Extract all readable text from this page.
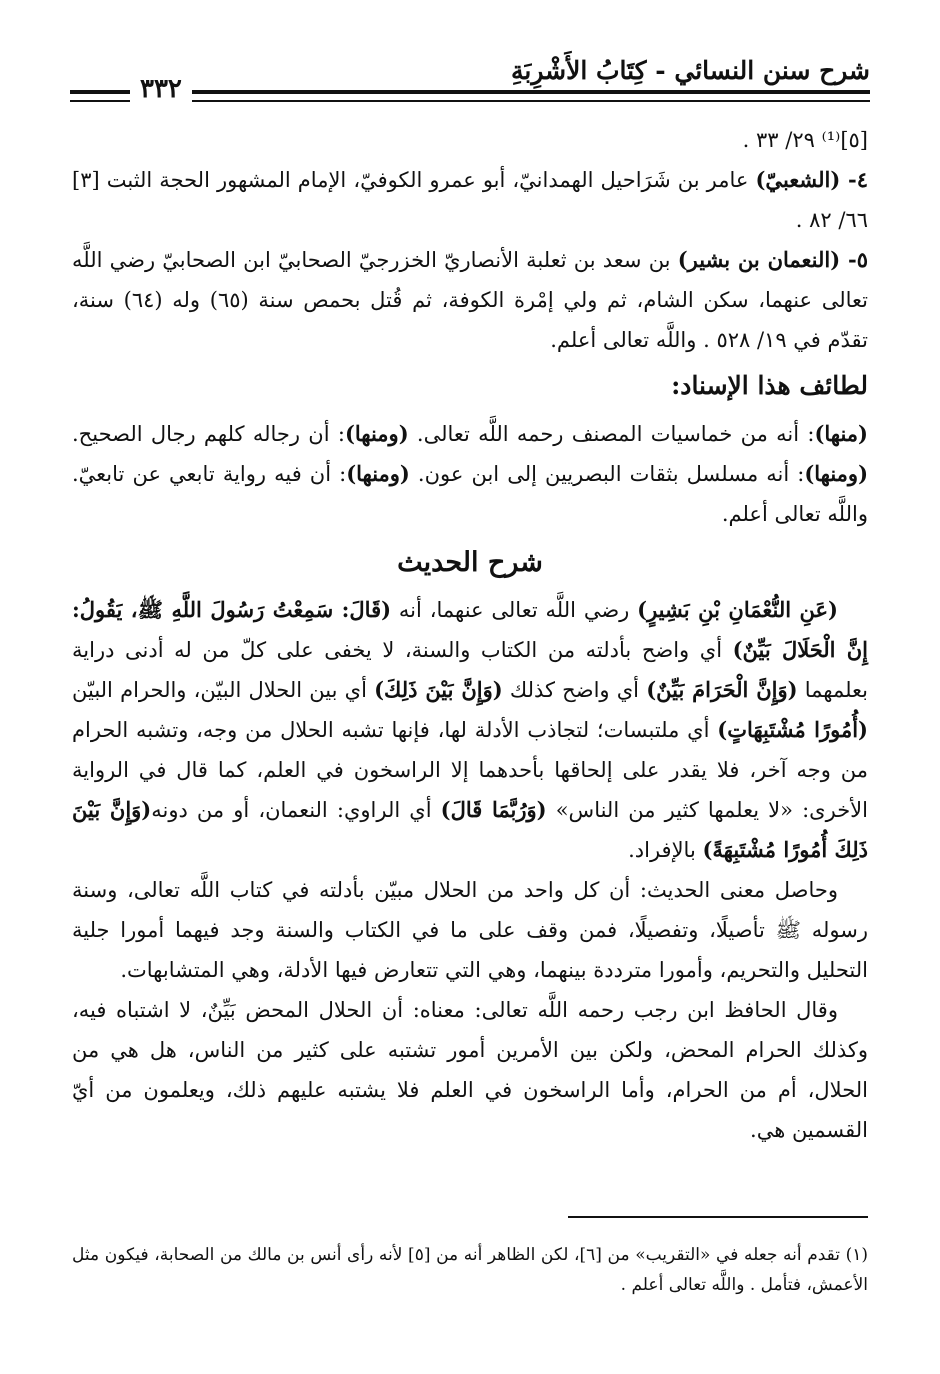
شرح سنن النسائي - كِتَابُ الأَشْرِبَةِ
٣٣٢

[٥]⁽¹⁾ ٢٩/ ٣٣ .

٤- (الشعبيّ) عامر بن شَرَاحيل الهمدانيّ، أبو عمرو الكوفيّ، الإمام المشهور الحجة الثبت [٣] ٦٦/ ٨٢ .

٥- (النعمان بن بشير) بن سعد بن ثعلبة الأنصاريّ الخزرجيّ الصحابيّ ابن الصحابيّ رضي اللَّه تعالى عنهما، سكن الشام، ثم ولي إمْرة الكوفة، ثم قُتل بحمص سنة (٦٥) وله (٦٤) سنة، تقدّم في ١٩/ ٥٢٨ . واللَّه تعالى أعلم.

لطائف هذا الإسناد:

(منها): أنه من خماسيات المصنف رحمه اللَّه تعالى. (ومنها): أن رجاله كلهم رجال الصحيح. (ومنها): أنه مسلسل بثقات البصريين إلى ابن عون. (ومنها): أن فيه رواية تابعي عن تابعيّ. واللَّه تعالى أعلم.

شرح الحديث

(عَنِ النُّعْمَانِ بْنِ بَشِيرٍ) رضي اللَّه تعالى عنهما، أنه (قَالَ: سَمِعْتُ رَسُولَ اللَّهِ ﷺ، يَقُولُ: إِنَّ الْحَلَالَ بَيِّنٌ) أي واضح بأدلته من الكتاب والسنة، لا يخفى على كلّ من له أدنى دراية بعلمهما (وَإِنَّ الْحَرَامَ بَيِّنٌ) أي واضح كذلك (وَإِنَّ بَيْنَ ذَلِكَ) أي بين الحلال البيّن، والحرام البيّن (أُمُورًا مُشْتَبِهَاتٍ) أي ملتبسات؛ لتجاذب الأدلة لها، فإنها تشبه الحلال من وجه، وتشبه الحرام من وجه آخر، فلا يقدر على إلحاقها بأحدهما إلا الراسخون في العلم، كما قال في الرواية الأخرى: «لا يعلمها كثير من الناس» (وَرُبَّمَا قَالَ) أي الراوي: النعمان، أو من دونه(وَإِنَّ بَيْنَ ذَلِكَ أُمُورًا مُشْتَبِهَةً) بالإفراد.

وحاصل معنى الحديث: أن كل واحد من الحلال مبيّن بأدلته في كتاب اللَّه تعالى، وسنة رسوله ﷺ تأصيلًا، وتفصيلًا، فمن وقف على ما في الكتاب والسنة وجد فيهما أمورا جلية التحليل والتحريم، وأمورا مترددة بينهما، وهي التي تتعارض فيها الأدلة، وهي المتشابهات.

وقال الحافظ ابن رجب رحمه اللَّه تعالى: معناه: أن الحلال المحض بَيِّنٌ، لا اشتباه فيه، وكذلك الحرام المحض، ولكن بين الأمرين أمور تشتبه على كثير من الناس، هل هي من الحلال، أم من الحرام، وأما الراسخون في العلم فلا يشتبه عليهم ذلك، ويعلمون من أيّ القسمين هي.

(١) تقدم أنه جعله في «التقريب» من [٦]، لكن الظاهر أنه من [٥] لأنه رأى أنس بن مالك من الصحابة، فيكون مثل الأعمش، فتأمل . واللَّه تعالى أعلم .
